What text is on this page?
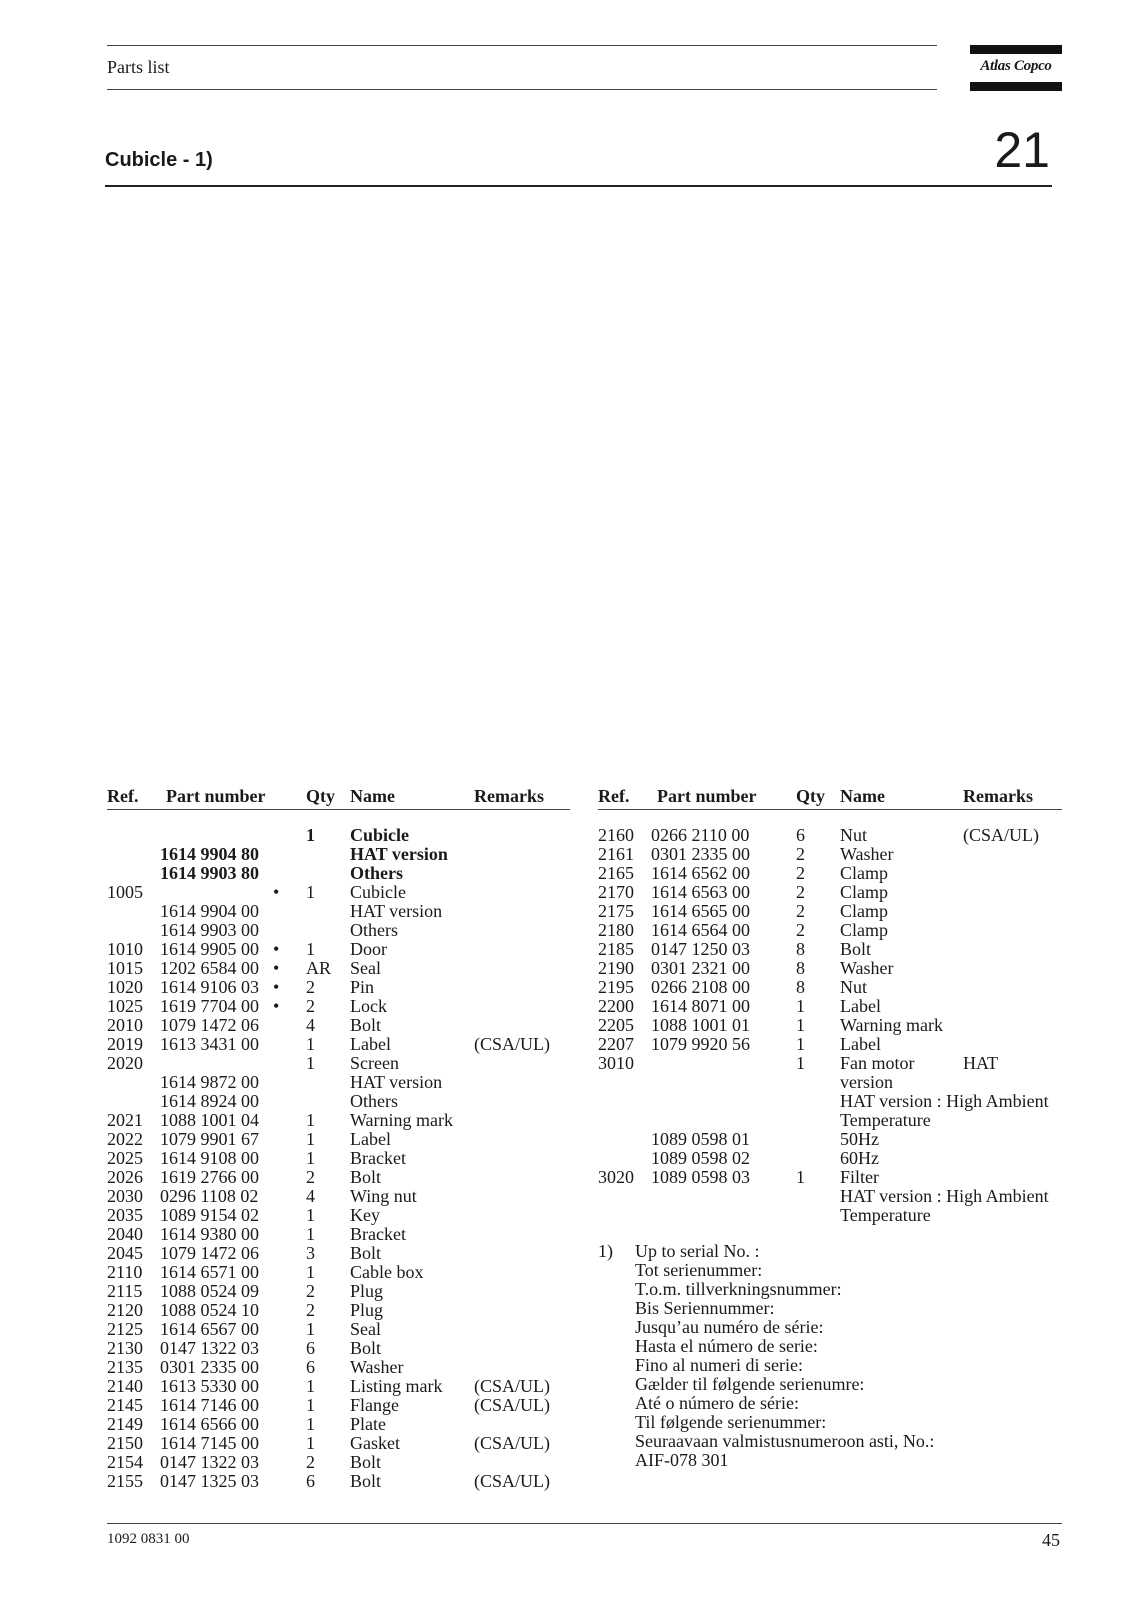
Parts list	Atlas Copco
Cubicle - 1)	21
Ref. Part number Qty Name	Remarks	Ref. Part number Qty Name	Remarks
1 Cubicle
1614 9904 80	HAT version
1614 9903 80	Others
1005	• 1 Cubicle
1614 9904 00	HAT version
1614 9903 00	Others
1010 1614 9905 00 • 1 Door
1015 1202 6584 00 • AR Seal
1020 1614 9106 03 • 2 Pin
1025 1619 7704 00 • 2 Lock
2010 1079 1472 06	4 Bolt
2019 1613 3431 00	1 Label	(CSA/UL)
2020	1 Screen
1614 9872 00	HAT version
1614 8924 00	Others
2021 1088 1001 04	1 Warning mark
2022 1079 9901 67	1 Label
2025 1614 9108 00	1 Bracket
2026 1619 2766 00	2 Bolt
2030 0296 1108 02	4 Wing nut
2035 1089 9154 02	1 Key
2040 1614 9380 00	1 Bracket
2045 1079 1472 06	3 Bolt
2110 1614 6571 00	1 Cable box
2115 1088 0524 09	2 Plug
2120 1088 0524 10	2 Plug
2125 1614 6567 00	1 Seal
2130 0147 1322 03	6 Bolt
2135 0301 2335 00	6 Washer
2140 1613 5330 00	1 Listing mark (CSA/UL)
2145 1614 7146 00	1 Flange	(CSA/UL)
2149 1614 6566 00	1 Plate
2150 1614 7145 00	1 Gasket	(CSA/UL)
2154 0147 1322 03	2 Bolt
2155 0147 1325 03	6 Bolt	(CSA/UL)
2160 0266 2110 00	6 Nut	(CSA/UL)
2161 0301 2335 00	2 Washer
2165 1614 6562 00	2 Clamp
2170 1614 6563 00	2 Clamp
2175 1614 6565 00	2 Clamp
2180 1614 6564 00	2 Clamp
2185 0147 1250 03	8 Bolt
2190 0301 2321 00	8 Washer
2195 0266 2108 00	8 Nut
2200 1614 8071 00	1 Label
2205 1088 1001 01	1 Warning mark
2207 1079 9920 56	1 Label
3010	1 Fan motor	HAT
version
HAT version : High Ambient
Temperature
1089 0598 01	50Hz
1089 0598 02	60Hz
3020 1089 0598 03	1 Filter
HAT version : High Ambient
Temperature
1) Up to serial No. :
Tot serienummer:
T.o.m. tillverkningsnummer:
Bis Seriennummer:
Jusqu’au numéro de série:
Hasta el número de serie:
Fino al numeri di serie:
Gælder til følgende serienumre:
Até o número de série:
Til følgende serienummer:
Seuraavaan valmistusnumeroon asti, No.:
AIF-078 301
1092 0831 00	45
